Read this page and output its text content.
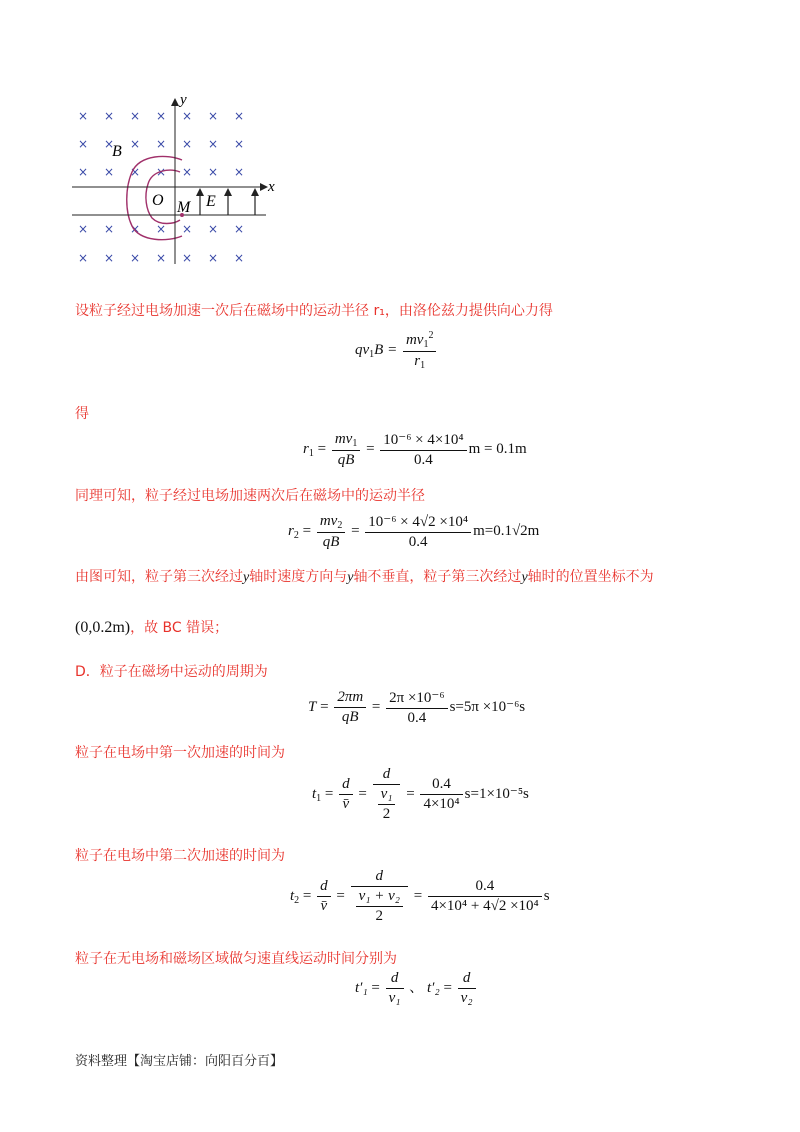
× × × × × × ×
× × × × × × ×
× × × × × × ×
× × × × × × ×
× × × × × × ×
y
x
B
O M E
设粒子经过电场加速一次后在磁场中的运动半径 r₁，由洛伦兹力提供向心力得
$qv_1B = \frac{mv_1^2}{r_1}$
得
$r_1 = \frac{mv_1}{qB} = \frac{\text{10⁻⁶ × 4×10⁴}}{0.4}$ m = 0.1m
同理可知，粒子经过电场加速两次后在磁场中的运动半径
$r_2 = \frac{mv_2}{qB} = \frac{\text{10⁻⁶ × 4√2 ×10⁴}}{0.4} m=0.1√2m$
由图可知，粒子第三次经过y轴时速度方向与y轴不垂直，粒子第三次经过y轴时的位置坐标不为
(0,0.2m)，故 BC 错误；
D．粒子在磁场中运动的周期为
$T = \frac{2\pi m}{qB} = \frac{\text{2π ×10⁻⁶}}{0.4} s=5\pi \times 10^{-6}s$
粒子在电场中第一次加速的时间为
$t_1 = \frac{d}{v̄} = \frac{d}{\frac{\text{v₁}}{2}} = \frac{0.4}{\text{4×10⁴}} s=1\times 10^{-5}s$
粒子在电场中第二次加速的时间为
$t_2 = \frac{d}{v̄} = \frac{d}{\frac{\text{v₁ + v₂}}{2}} = \frac{0.4}{\text{4×10⁴ + 4√2 ×10⁴}}$ s
粒子在无电场和磁场区域做匀速直线运动时间分别为
$t'_1 = \frac{d}{\text{v₁}}$ 、 $t'_2 = \frac{d}{\text{v₂}}$
资料整理【淘宝店铺：向阳百分百】
